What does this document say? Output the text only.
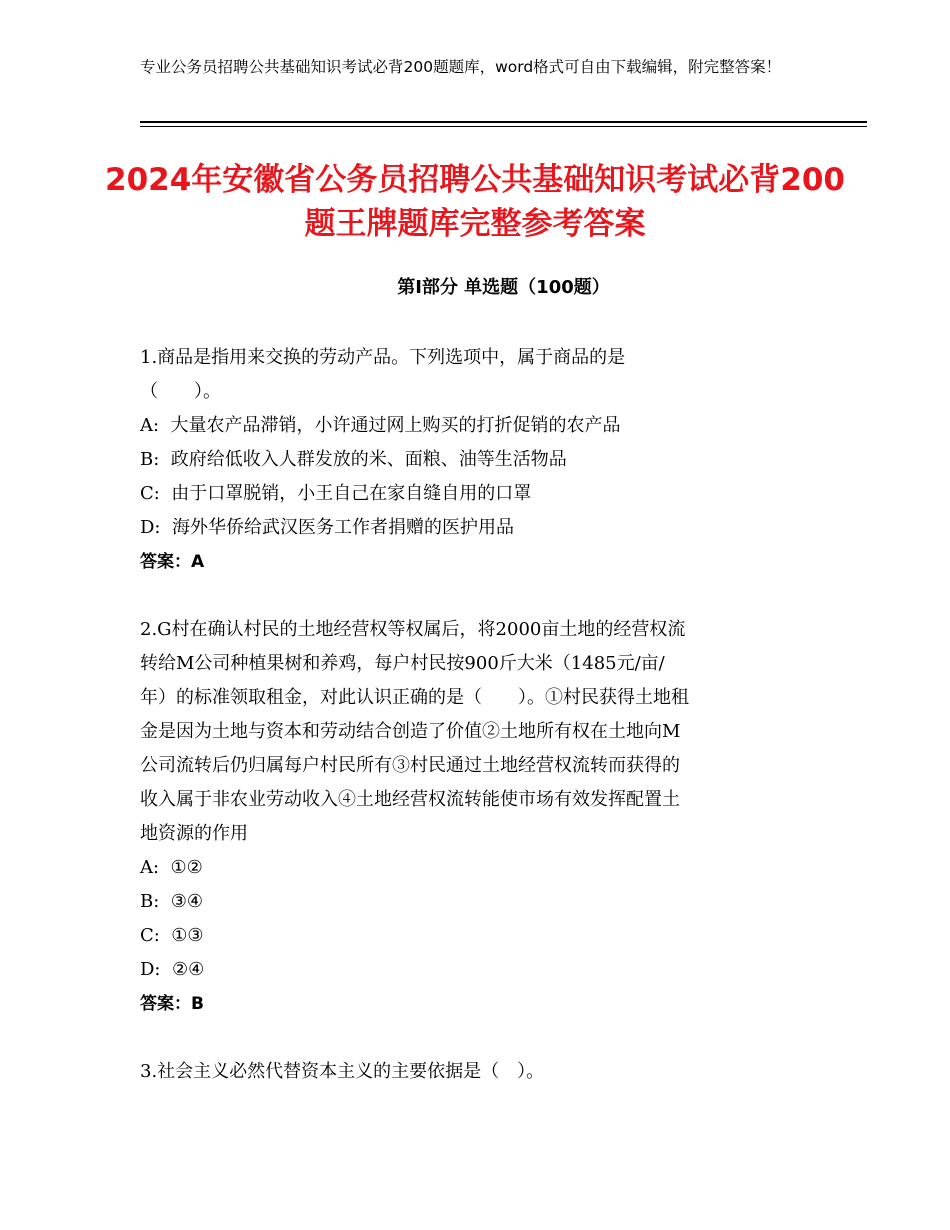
专业公务员招聘公共基础知识考试必背200题题库，word格式可自由下载编辑，附完整答案！
2024年安徽省公务员招聘公共基础知识考试必背200题王牌题库完整参考答案
第Ⅰ部分 单选题（100题）

1.商品是指用来交换的劳动产品。下列选项中，属于商品的是

（　　）。

A:  大量农产品滞销，小许通过网上购买的打折促销的农产品

B:  政府给低收入人群发放的米、面粮、油等生活物品

C:  由于口罩脱销，小王自己在家自缝自用的口罩

D:  海外华侨给武汉医务工作者捐赠的医护用品

答案：A

2.G村在确认村民的土地经营权等权属后，将2000亩土地的经营权流

转给M公司种植果树和养鸡，每户村民按900斤大米（1485元/亩/

年）的标准领取租金，对此认识正确的是（　　）。①村民获得土地租

金是因为土地与资本和劳动结合创造了价值②土地所有权在土地向M

公司流转后仍归属每户村民所有③村民通过土地经营权流转而获得的

收入属于非农业劳动收入④土地经营权流转能使市场有效发挥配置土

地资源的作用

A:  ①②

B:  ③④

C:  ①③

D:  ②④

答案：B

3.社会主义必然代替资本主义的主要依据是（　）。
